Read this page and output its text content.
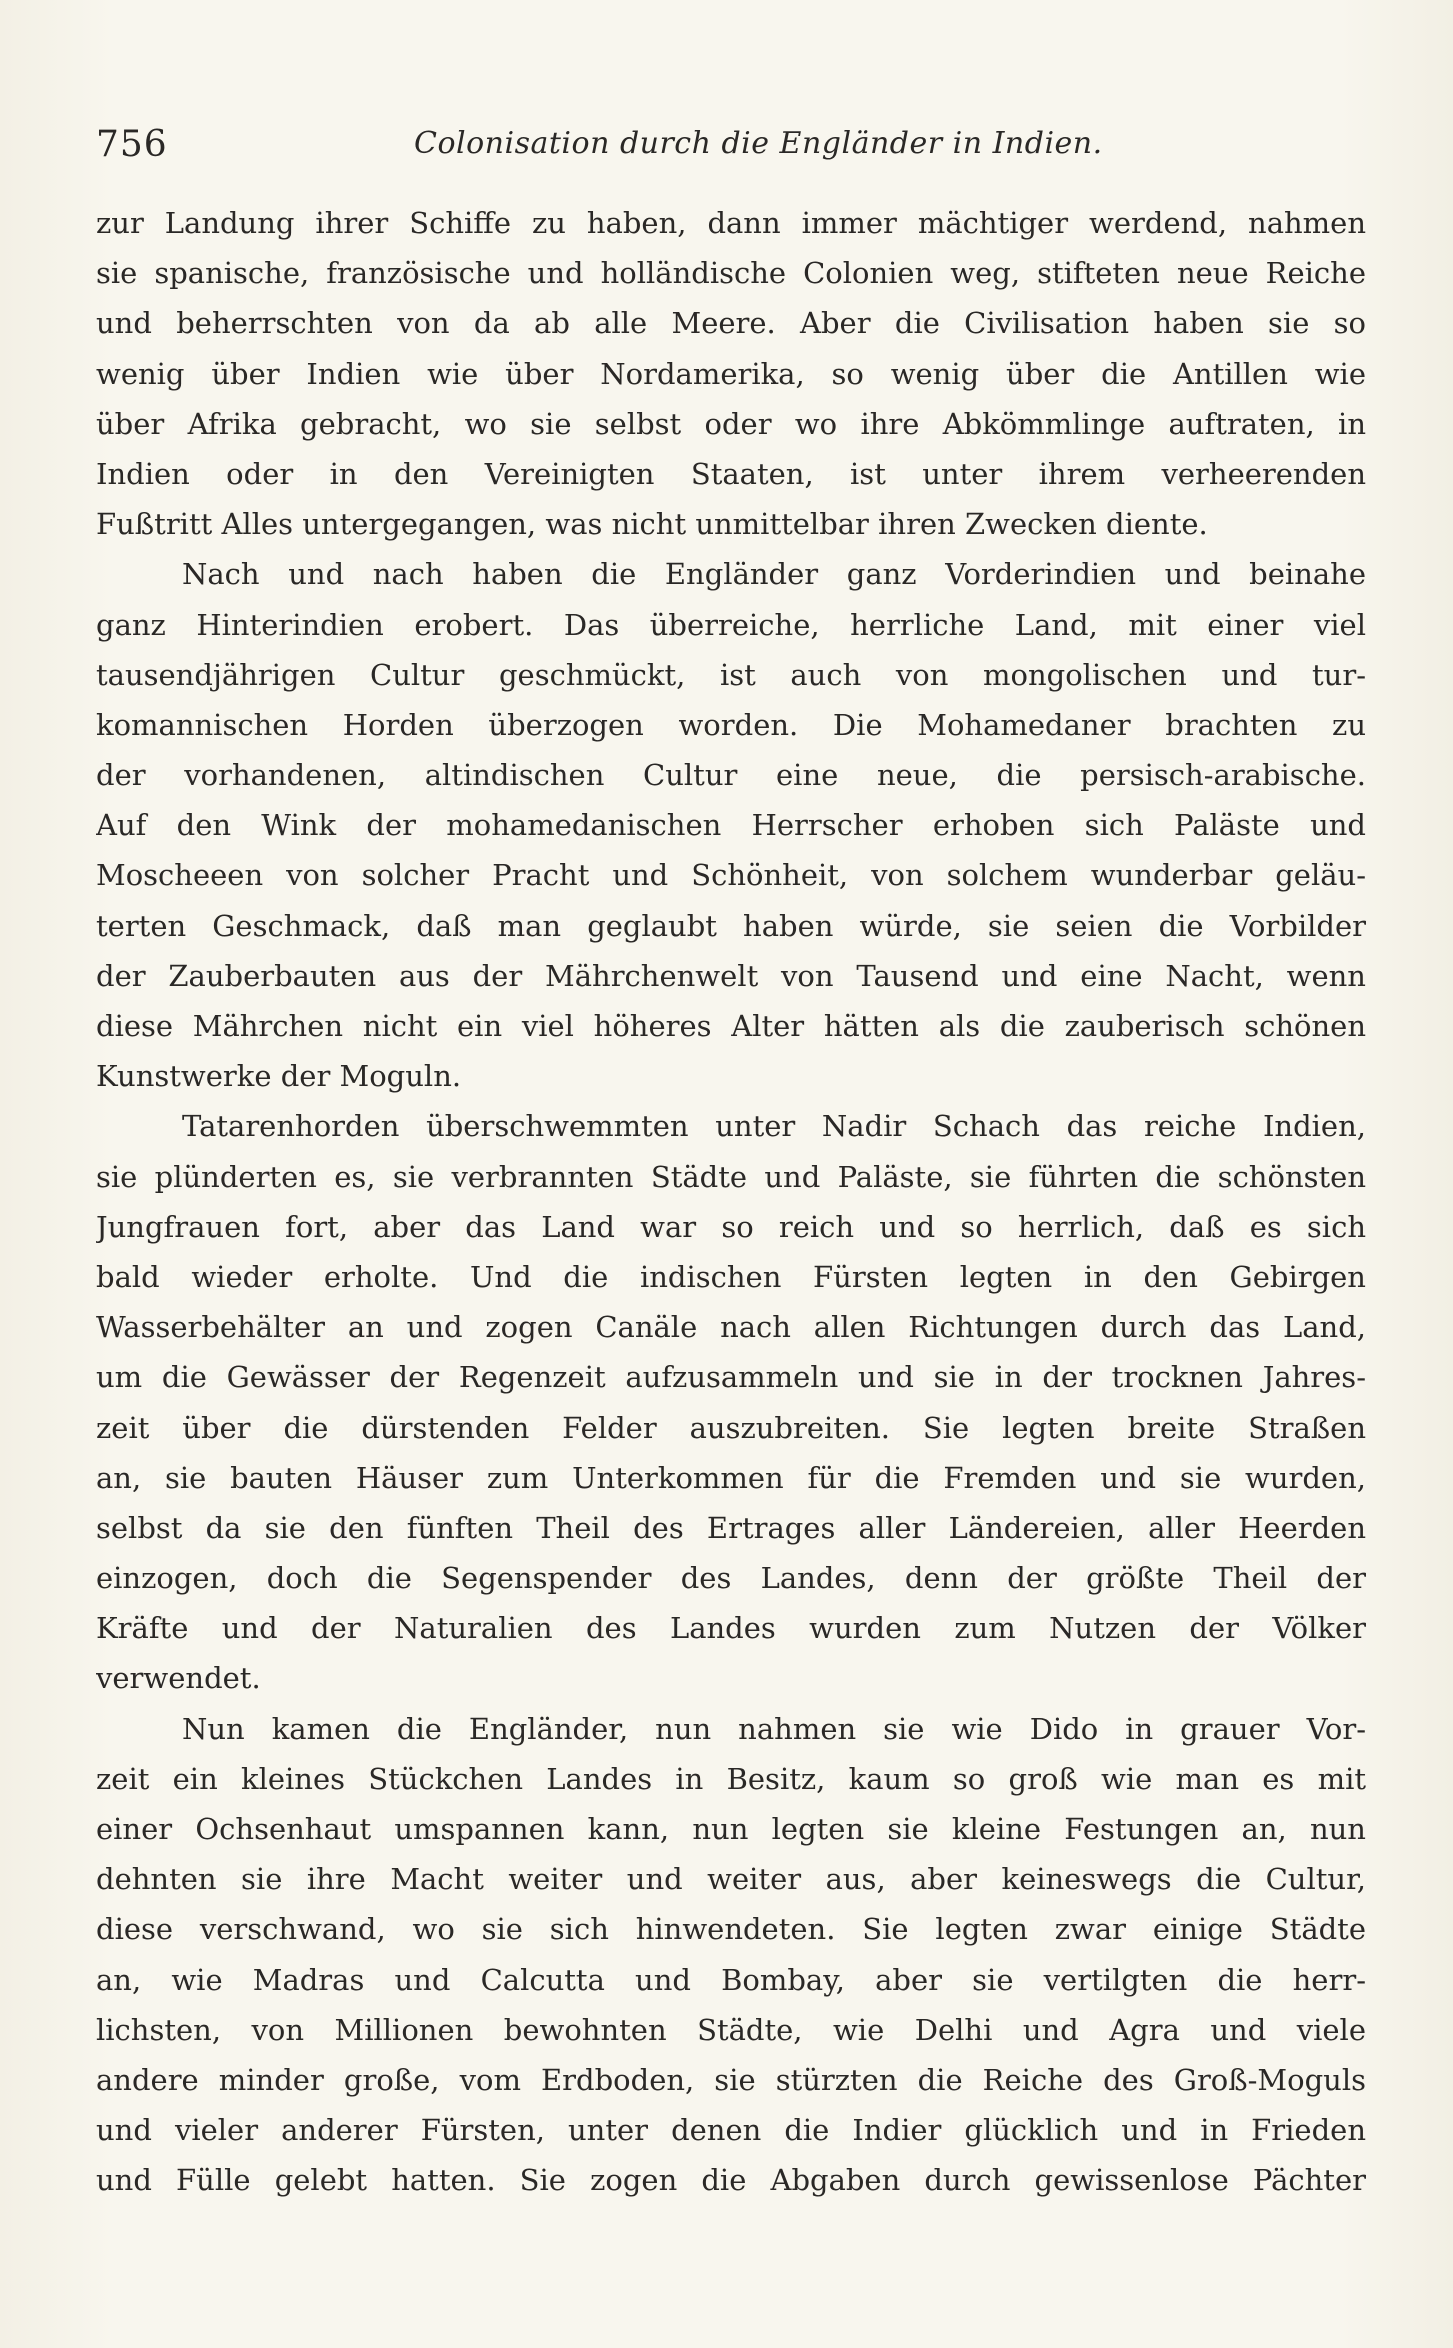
756	Colonisation durch die Engländer in Indien.
zur Landung ihrer Schiffe zu haben, dann immer mächtiger werdend, nahmen
sie spanische, französische und holländische Colonien weg, stifteten neue Reiche
und beherrschten von da ab alle Meere. Aber die Civilisation haben sie so
wenig über Indien wie über Nordamerika, so wenig über die Antillen wie
über Afrika gebracht, wo sie selbst oder wo ihre Abkömmlinge auftraten, in
Indien oder in den Vereinigten Staaten, ist unter ihrem verheerenden
Fußtritt Alles untergegangen, was nicht unmittelbar ihren Zwecken diente.
Nach und nach haben die Engländer ganz Vorderindien und beinahe
ganz Hinterindien erobert. Das überreiche, herrliche Land, mit einer viel
tausendjährigen Cultur geschmückt, ist auch von mongolischen und tur-
komannischen Horden überzogen worden. Die Mohamedaner brachten zu
der vorhandenen, altindischen Cultur eine neue, die persisch-arabische.
Auf den Wink der mohamedanischen Herrscher erhoben sich Paläste und
Moscheeen von solcher Pracht und Schönheit, von solchem wunderbar geläu-
terten Geschmack, daß man geglaubt haben würde, sie seien die Vorbilder
der Zauberbauten aus der Mährchenwelt von Tausend und eine Nacht, wenn
diese Mährchen nicht ein viel höheres Alter hätten als die zauberisch schönen
Kunstwerke der Moguln.
Tatarenhorden überschwemmten unter Nadir Schach das reiche Indien,
sie plünderten es, sie verbrannten Städte und Paläste, sie führten die schönsten
Jungfrauen fort, aber das Land war so reich und so herrlich, daß es sich
bald wieder erholte. Und die indischen Fürsten legten in den Gebirgen
Wasserbehälter an und zogen Canäle nach allen Richtungen durch das Land,
um die Gewässer der Regenzeit aufzusammeln und sie in der trocknen Jahres-
zeit über die dürstenden Felder auszubreiten. Sie legten breite Straßen
an, sie bauten Häuser zum Unterkommen für die Fremden und sie wurden,
selbst da sie den fünften Theil des Ertrages aller Ländereien, aller Heerden
einzogen, doch die Segenspender des Landes, denn der größte Theil der
Kräfte und der Naturalien des Landes wurden zum Nutzen der Völker
verwendet.
Nun kamen die Engländer, nun nahmen sie wie Dido in grauer Vor-
zeit ein kleines Stückchen Landes in Besitz, kaum so groß wie man es mit
einer Ochsenhaut umspannen kann, nun legten sie kleine Festungen an, nun
dehnten sie ihre Macht weiter und weiter aus, aber keineswegs die Cultur,
diese verschwand, wo sie sich hinwendeten. Sie legten zwar einige Städte
an, wie Madras und Calcutta und Bombay, aber sie vertilgten die herr-
lichsten, von Millionen bewohnten Städte, wie Delhi und Agra und viele
andere minder große, vom Erdboden, sie stürzten die Reiche des Groß-Moguls
und vieler anderer Fürsten, unter denen die Indier glücklich und in Frieden
und Fülle gelebt hatten. Sie zogen die Abgaben durch gewissenlose Pächter
